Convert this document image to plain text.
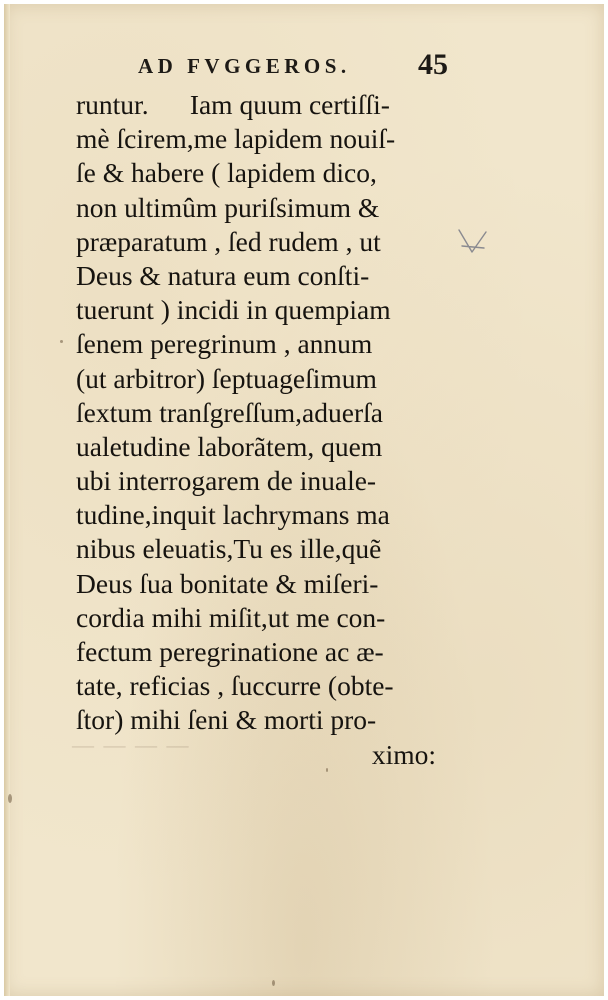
AD FVGGEROS. 45
runtur.      Iam quum certiſſi-
mè ſcirem,me lapidem nouiſ-
ſe & habere ( lapidem dico,
non ultimûm puriſsimum &
præparatum , ſed rudem , ut
Deus & natura eum conſti-
tuerunt ) incidi in quempiam
ſenem peregrinum , annum
(ut arbitror) ſeptuageſimum
ſextum tranſgreſſum,aduerſa
ualetudine laborãtem, quem
ubi interrogarem de inuale-
tudine,inquit lachrymans ma
nibus eleuatis,Tu es ille,quẽ
Deus ſua bonitate & miſeri-
cordia mihi miſit,ut me con-
fectum peregrinatione ac æ-
tate, reficias , ſuccurre (obte-
ſtor) mihi ſeni & morti pro-
ximo:
— — — —
